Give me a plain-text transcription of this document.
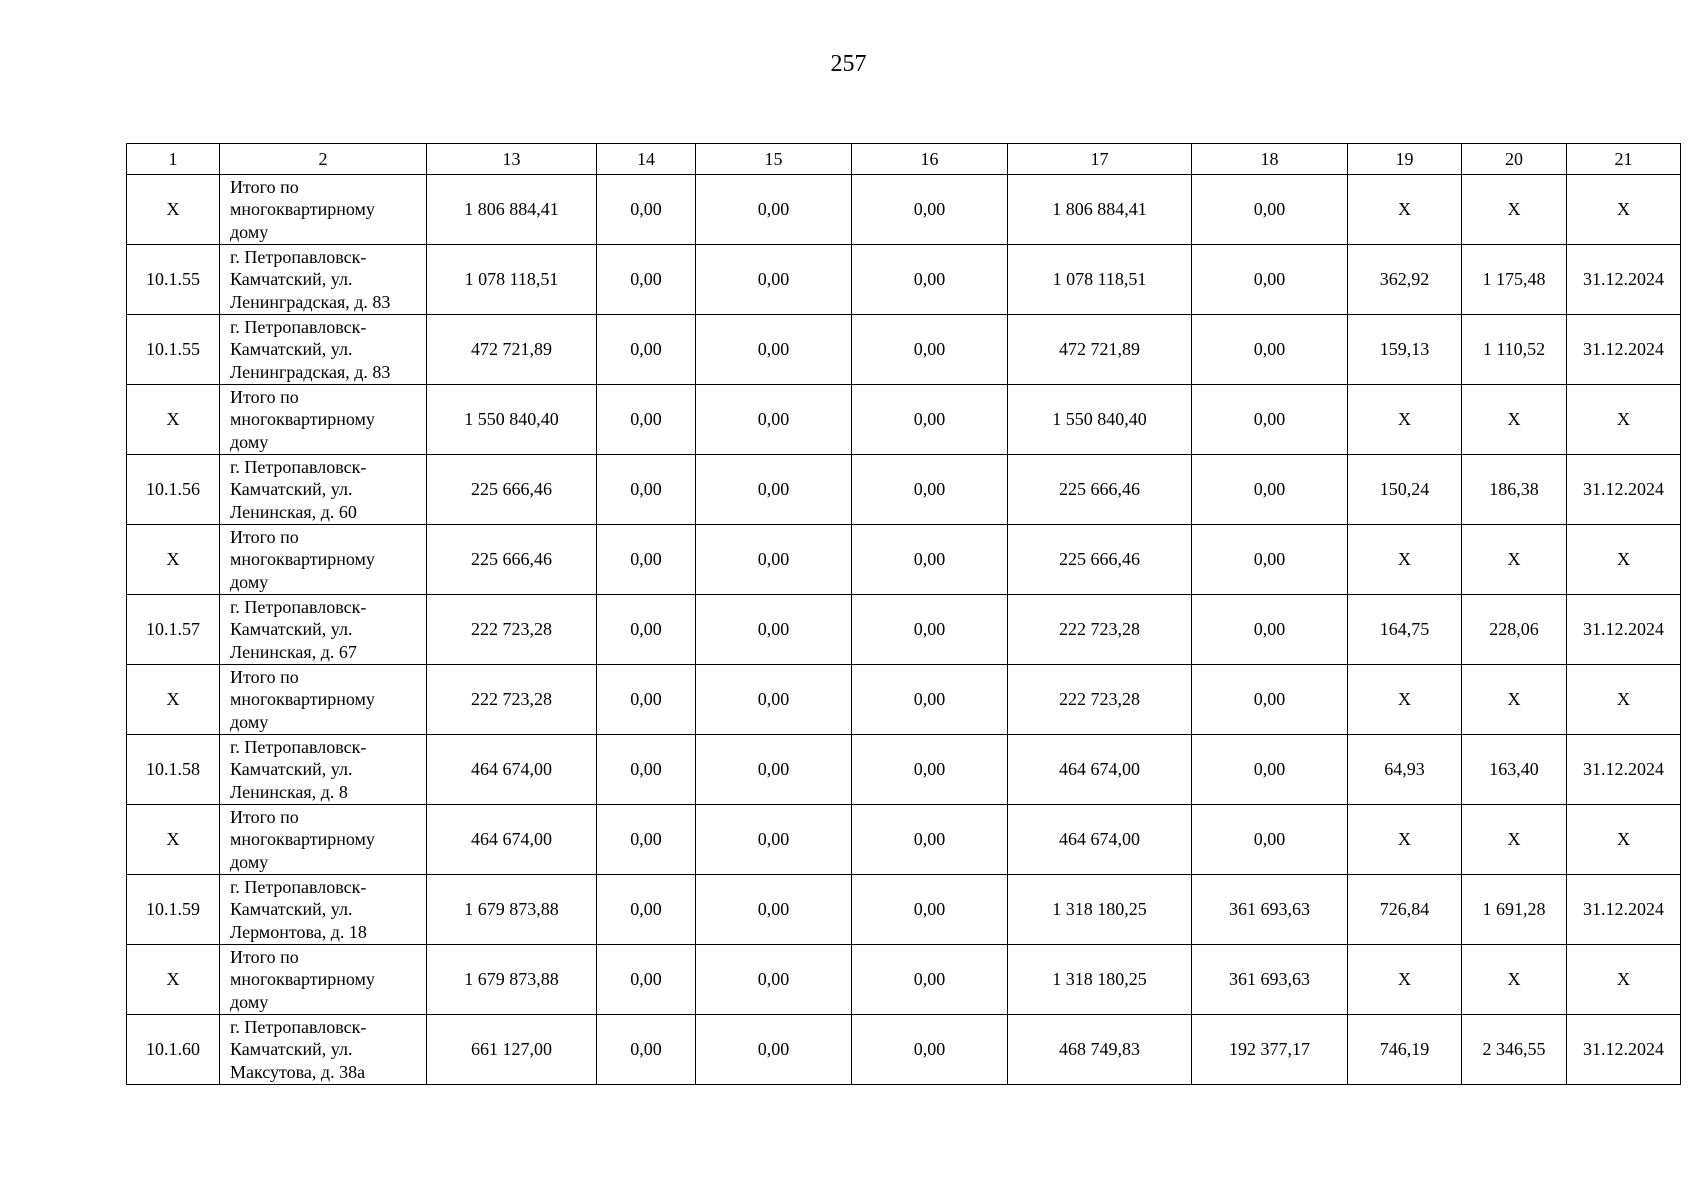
257
1	2	13	14	15	16	17	18	19	20	21
X	Итого по
многоквартирному
дому	1 806 884,41	0,00	0,00	0,00	1 806 884,41	0,00	X	X	X
10.1.55	г. Петропавловск-
Камчатский, ул.
Ленинградская, д. 83	1 078 118,51	0,00	0,00	0,00	1 078 118,51	0,00	362,92	1 175,48	31.12.2024
10.1.55	г. Петропавловск-
Камчатский, ул.
Ленинградская, д. 83	472 721,89	0,00	0,00	0,00	472 721,89	0,00	159,13	1 110,52	31.12.2024
X	Итого по
многоквартирному
дому	1 550 840,40	0,00	0,00	0,00	1 550 840,40	0,00	X	X	X
10.1.56	г. Петропавловск-
Камчатский, ул.
Ленинская, д. 60	225 666,46	0,00	0,00	0,00	225 666,46	0,00	150,24	186,38	31.12.2024
X	Итого по
многоквартирному
дому	225 666,46	0,00	0,00	0,00	225 666,46	0,00	X	X	X
10.1.57	г. Петропавловск-
Камчатский, ул.
Ленинская, д. 67	222 723,28	0,00	0,00	0,00	222 723,28	0,00	164,75	228,06	31.12.2024
X	Итого по
многоквартирному
дому	222 723,28	0,00	0,00	0,00	222 723,28	0,00	X	X	X
10.1.58	г. Петропавловск-
Камчатский, ул.
Ленинская, д. 8	464 674,00	0,00	0,00	0,00	464 674,00	0,00	64,93	163,40	31.12.2024
X	Итого по
многоквартирному
дому	464 674,00	0,00	0,00	0,00	464 674,00	0,00	X	X	X
10.1.59	г. Петропавловск-
Камчатский, ул.
Лермонтова, д. 18	1 679 873,88	0,00	0,00	0,00	1 318 180,25	361 693,63	726,84	1 691,28	31.12.2024
X	Итого по
многоквартирному
дому	1 679 873,88	0,00	0,00	0,00	1 318 180,25	361 693,63	X	X	X
10.1.60	г. Петропавловск-
Камчатский, ул.
Максутова, д. 38а	661 127,00	0,00	0,00	0,00	468 749,83	192 377,17	746,19	2 346,55	31.12.2024
